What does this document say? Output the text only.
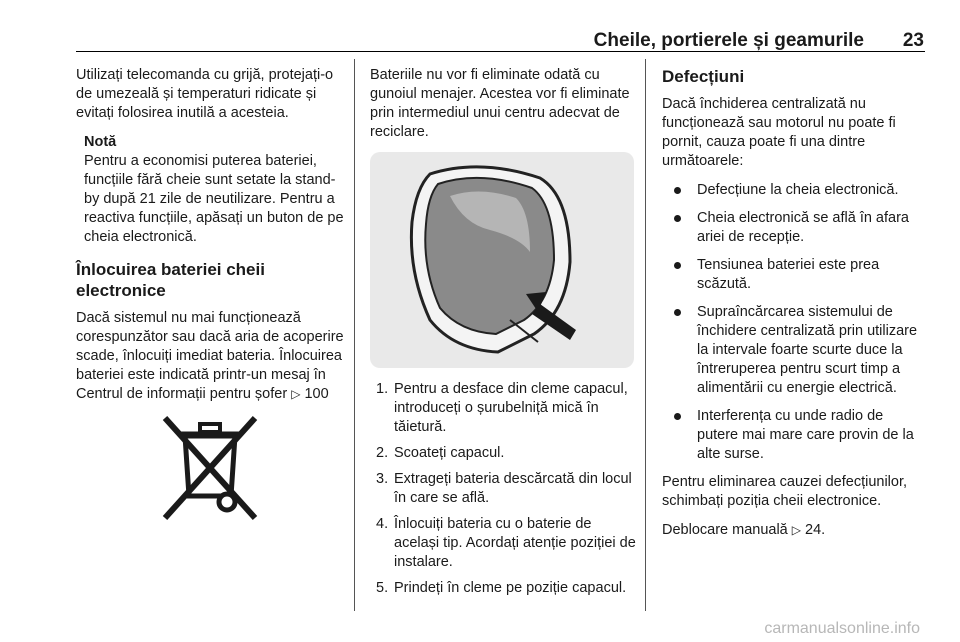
Cheile, portierele și geamurile 23

Utilizați telecomanda cu grijă, protejați-o de umezeală și temperaturi ridicate și evitați folosirea inutilă a acesteia.

Notă
Pentru a economisi puterea bateriei, funcțiile fără cheie sunt setate la stand-by după 21 zile de neutilizare. Pentru a reactiva funcțiile, apăsați un buton de pe cheia electronică.
Înlocuirea bateriei cheii electronice

Dacă sistemul nu mai funcționează corespunzător sau dacă aria de acoperire scade, înlocuiți imediat bateria. Înlocuirea bateriei este indicată printr-un mesaj în Centrul de informații pentru șofer ▷ 100

Bateriile nu vor fi eliminate odată cu gunoiul menajer. Acestea vor fi eliminate prin intermediul unui centru adecvat de reciclare.

1. Pentru a desface din cleme capacul, introduceți o șurubelniță mică în tăietură.
2. Scoateți capacul.
3. Extrageți bateria descărcată din locul în care se află.
4. Înlocuiți bateria cu o baterie de același tip. Acordați atenție poziției de instalare.
5. Prindeți în cleme pe poziție capacul.
Defecțiuni

Dacă închiderea centralizată nu funcționează sau motorul nu poate fi pornit, cauza poate fi una dintre următoarele:

Defecțiune la cheia electronică.
Cheia electronică se află în afara ariei de recepție.
Tensiunea bateriei este prea scăzută.
Supraîncărcarea sistemului de închidere centralizată prin utilizare la intervale foarte scurte duce la întreruperea pentru scurt timp a alimentării cu energie electrică.
Interferența cu unde radio de putere mai mare care provin de la alte surse.

Pentru eliminarea cauzei defecțiunilor, schimbați poziția cheii electronice.

Deblocare manuală ▷ 24.

carmanualsonline.info
